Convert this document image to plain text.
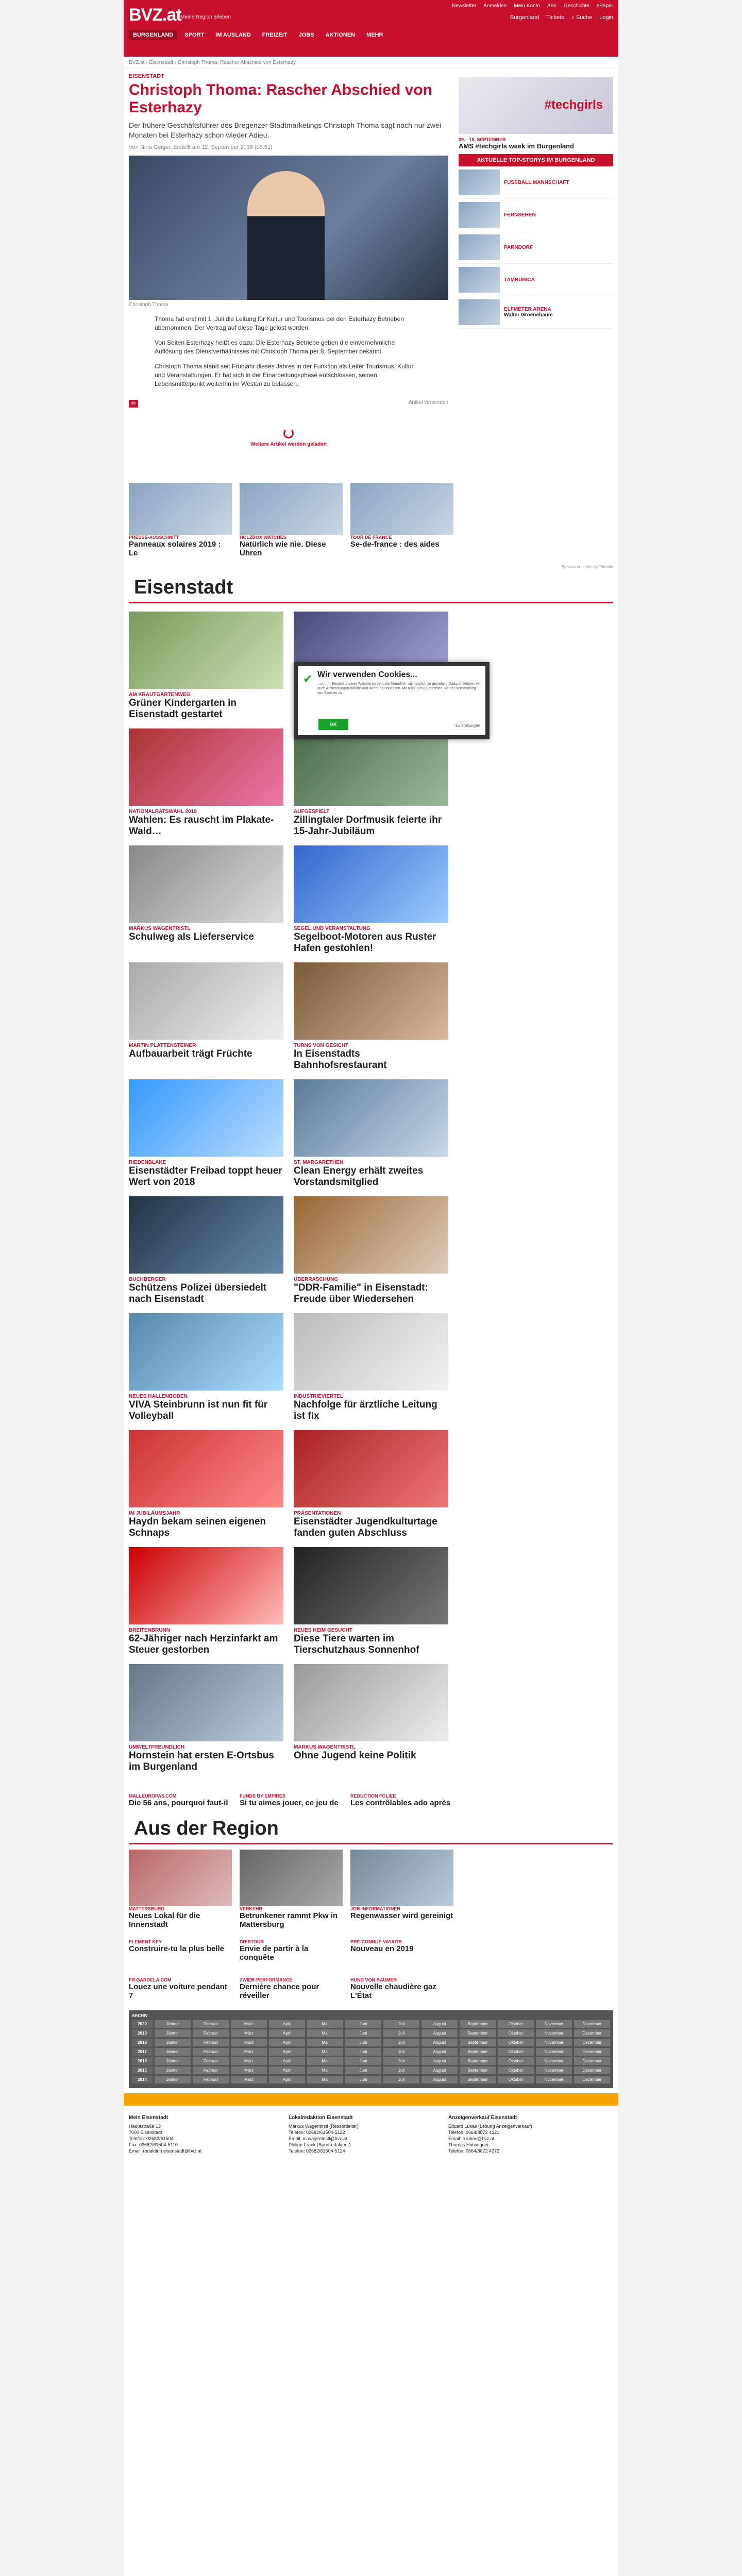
BVZ.at
Meine Region erleben
Newsletter Anmelden Mein Konto Abo Geschichte ePaper
Burgenland Tickets ⌕ Suche Login
BURGENLAND	SPORT	IM AUSLAND	FREIZEIT	JOBS	AKTIONEN	MEHR
BVZ.at › Eisenstadt › Christoph Thoma: Rascher Abschied von Esterhazy
EISENSTADT
Christoph Thoma: Rascher Abschied von Esterhazy

Der frühere Geschäftsführer des Bregenzer Stadtmarketings Christoph Thoma sagt nach nur zwei Monaten bei Esterhazy schon wieder Adieu.

Von Nina Geiger. Erstellt am 12. September 2016 (05:51)
Christoph Thoma

Thoma hat erst mit 1. Juli die Leitung für Kultur und Tourismus bei den Esterhazy Betrieben übernommen. Der Vertrag auf diese Tage gelöst worden.

Von Seiten Esterhazy heißt es dazu: Die Esterhazy Betriebe geben die einvernehmliche Auflösung des Dienstverhältnisses mit Christoph Thoma per 8. September bekannt.

Christoph Thoma stand seit Frühjahr dieses Jahres in der Funktion als Leiter Tourismus, Kultur und Veranstaltungen. Er hat sich in der Einarbeitungsphase entschlossen, seinen Lebensmittelpunkt weiterhin im Westen zu belassen.

✉	Artikel versenden
Weitere Artikel werden geladen
#techgirls
09. - 15. SEPTEMBER
AMS #techgirls week im Burgenland
AKTUELLE TOP-STORYS IM BURGENLAND
FUSSBALL MANNSCHAFT
FERNSEHEN
PARNDORF
TAMBURICA
ELFMETER ARENA
Walter Groenebaum
PRESSE-AUSSCHNITT
Panneaux solaires 2019 : Le
HOLZBOX WATCHES
Natürlich wie nie. Diese Uhren
TOUR DE FRANCE
Se-de-france : des aides
Sponsored Links by Taboola
Eisenstadt
AM KRAUTGARTENWEG
Grüner Kindergarten in Eisenstadt gestartet
NATIONALRATSWAHL 2019
Wahlen: Es rauscht im Plakate-Wald…
AUFGESPIELT
Zillingtaler Dorfmusik feierte ihr 15-Jahr-Jubiläum
MARKUS WAGENTRISTL
Schulweg als Lieferservice
SEGEL UND VERANSTALTUNG
Segelboot-Motoren aus Ruster Hafen gestohlen!
MARTIN PLATTENSTEINER
Aufbauarbeit trägt Früchte
TURNS VON GESICHT
In Eisenstadts Bahnhofsrestaurant
RIEDENBLAKE
Eisenstädter Freibad toppt heuer Wert von 2018
ST. MARGARETHEN
Clean Energy erhält zweites Vorstandsmitglied
BUCHBERGER
Schützens Polizei übersiedelt nach Eisenstadt
ÜBERRASCHUNG
"DDR-Familie" in Eisenstadt: Freude über Wiedersehen
NEUES HALLENBODEN
VIVA Steinbrunn ist nun fit für Volleyball
INDUSTRIEVIERTEL
Nachfolge für ärztliche Leitung ist fix
IM JUBILÄUMSJAHR
Haydn bekam seinen eigenen Schnaps
PRÄSENTATIONEN
Eisenstädter Jugendkulturtage fanden guten Abschluss
BREITENBRUNN
62-Jähriger nach Herzinfarkt am Steuer gestorben
NEUES HEIM GESUCHT
Diese Tiere warten im Tierschutzhaus Sonnenhof
UMWELTFREUNDLICH
Hornstein hat ersten E-Ortsbus im Burgenland
MARKUS WAGENTRISTL
Ohne Jugend keine Politik
MALLEUROPAS.COM
Die 56 ans, pourquoi faut-il
FUNDS BY EMPIRES
Si tu aimes jouer, ce jeu de
REDUCTION FOLIEE
Les contrôlables ado après
Aus der Region
MATTERSBURG
Neues Lokal für die Innenstadt
VERKEHR
Betrunkener rammt Pkw in Mattersburg
JOB-INFORMATIONEN
Regenwasser wird gereinigt
ELEMENT KEY
Construire-tu la plus belle
CRISTOUR
Envie de partir à la conquête
PRE-CONNUE VAYAITS
Nouveau en 2019
FR.GARDELA.COM
Louez une voiture pendant 7
ZWIEB-PERFORMANCE
Dernière chance pour réveiller
HUND VON BAUMER
Nouvelle chaudière gaz L'État
ARCHIV
2020	Jänner	Februar	März	April	Mai	Juni	Juli	August	September	Oktober	November	Dezember
2019	Jänner	Februar	März	April	Mai	Juni	Juli	August	September	Oktober	November	Dezember
2018	Jänner	Februar	März	April	Mai	Juni	Juli	August	September	Oktober	November	Dezember
2017	Jänner	Februar	März	April	Mai	Juni	Juli	August	September	Oktober	November	Dezember
2016	Jänner	Februar	März	April	Mai	Juni	Juli	August	September	Oktober	November	Dezember
2015	Jänner	Februar	März	April	Mai	Juni	Juli	August	September	Oktober	November	Dezember
2014	Jänner	Februar	März	April	Mai	Juni	Juli	August	September	Oktober	November	Dezember
Mein Eisenstadt
Hauptstraße 13
7000 Eisenstadt
Telefon: 02682/61504
Fax: 02682/61504-5110
Email: redaktion.eisenstadt@bvz.at
Lokalredaktion Eisenstadt
Markus Wagentristl (Ressortleiter)
Telefon: 02682/61504-5122
Email: m.wagentristl@bvz.at
Philipp Frank (Sportredakteur)
Telefon: 02682/61504-5124
Anzeigenverkauf Eisenstadt
Eduard Lukas (Leitung Anzeigenverkauf)
Telefon: 0664/8872 4221
Email: e.lukas@bvz.at
Thomas Hotwagner
Telefon: 0664/8872 4272
✔ Wir verwenden Cookies...
...um Ihr Besuch unserer Website so benutzerfreundlich wie möglich zu gestalten. Dadurch können wir auch Anwendungen Inhalte und Werbung anpassen. Mit Klick auf OK stimmen Sie der Verwendung von Cookies zu.
OK	Einstellungen
